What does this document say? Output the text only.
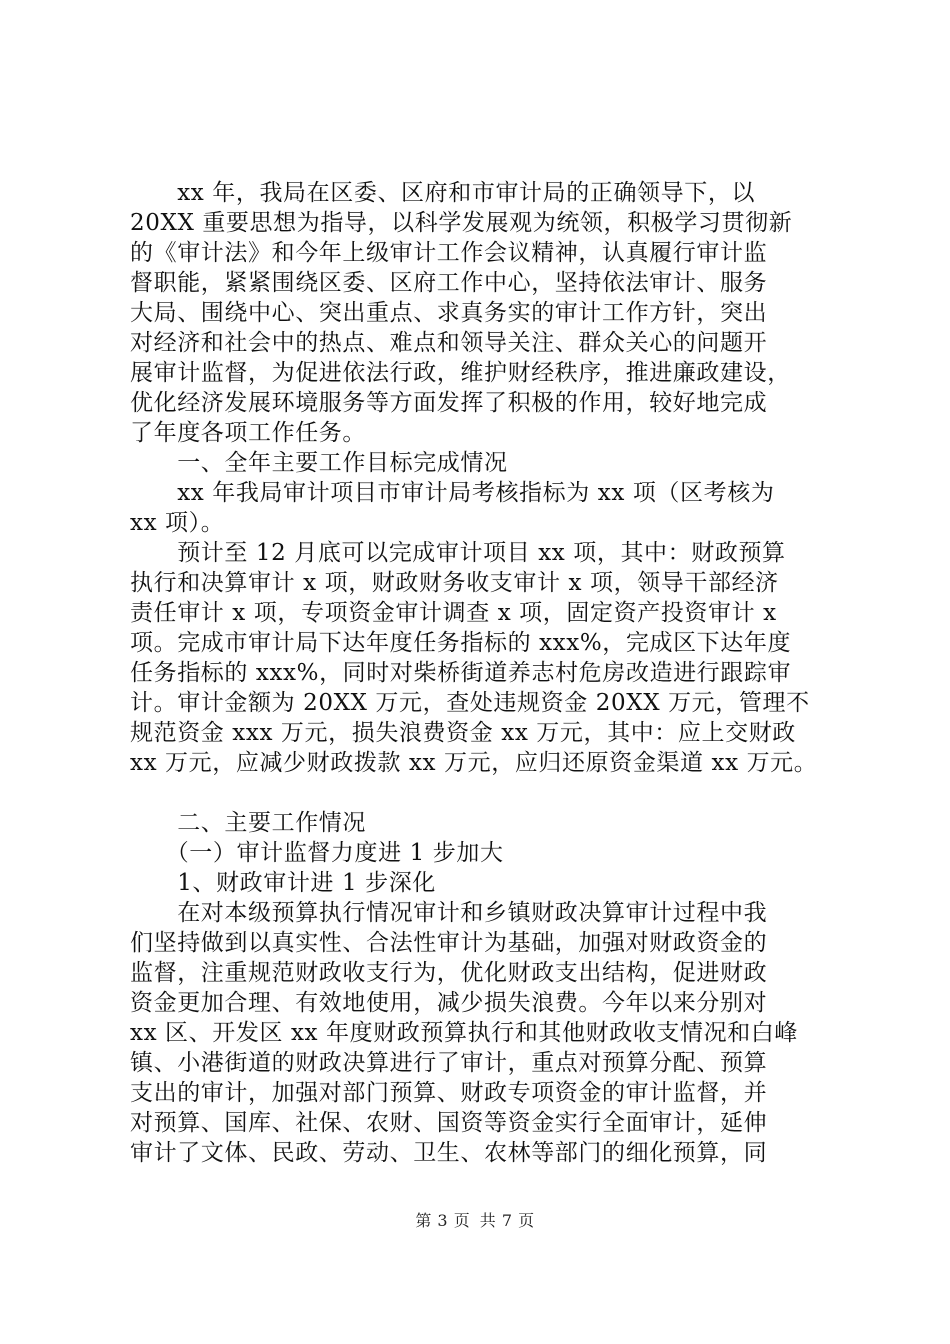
　　xx 年，我局在区委、区府和市审计局的正确领导下，以
20XX 重要思想为指导，以科学发展观为统领，积极学习贯彻新
的《审计法》和今年上级审计工作会议精神，认真履行审计监
督职能，紧紧围绕区委、区府工作中心，坚持依法审计、服务
大局、围绕中心、突出重点、求真务实的审计工作方针，突出
对经济和社会中的热点、难点和领导关注、群众关心的问题开
展审计监督，为促进依法行政，维护财经秩序，推进廉政建设，
优化经济发展环境服务等方面发挥了积极的作用，较好地完成
了年度各项工作任务。
　　一、全年主要工作目标完成情况
　　xx 年我局审计项目市审计局考核指标为 xx 项（区考核为
xx 项）。
　　预计至 12 月底可以完成审计项目 xx 项，其中：财政预算
执行和决算审计 x 项，财政财务收支审计 x 项，领导干部经济
责任审计 x 项，专项资金审计调查 x 项，固定资产投资审计 x
项。完成市审计局下达年度任务指标的 xxx%，完成区下达年度
任务指标的 xxx%，同时对柴桥街道养志村危房改造进行跟踪审
计。审计金额为 20XX 万元，查处违规资金 20XX 万元，管理不
规范资金 xxx 万元，损失浪费资金 xx 万元，其中：应上交财政
xx 万元，应减少财政拨款 xx 万元，应归还原资金渠道 xx 万元。
　　二、主要工作情况
　　（一）审计监督力度进 1 步加大
　　1、财政审计进 1 步深化
　　在对本级预算执行情况审计和乡镇财政决算审计过程中我
们坚持做到以真实性、合法性审计为基础，加强对财政资金的
监督，注重规范财政收支行为，优化财政支出结构，促进财政
资金更加合理、有效地使用，减少损失浪费。今年以来分别对
xx 区、开发区 xx 年度财政预算执行和其他财政收支情况和白峰
镇、小港街道的财政决算进行了审计，重点对预算分配、预算
支出的审计，加强对部门预算、财政专项资金的审计监督，并
对预算、国库、社保、农财、国资等资金实行全面审计，延伸
审计了文体、民政、劳动、卫生、农林等部门的细化预算，同
第 3 页 共 7 页
